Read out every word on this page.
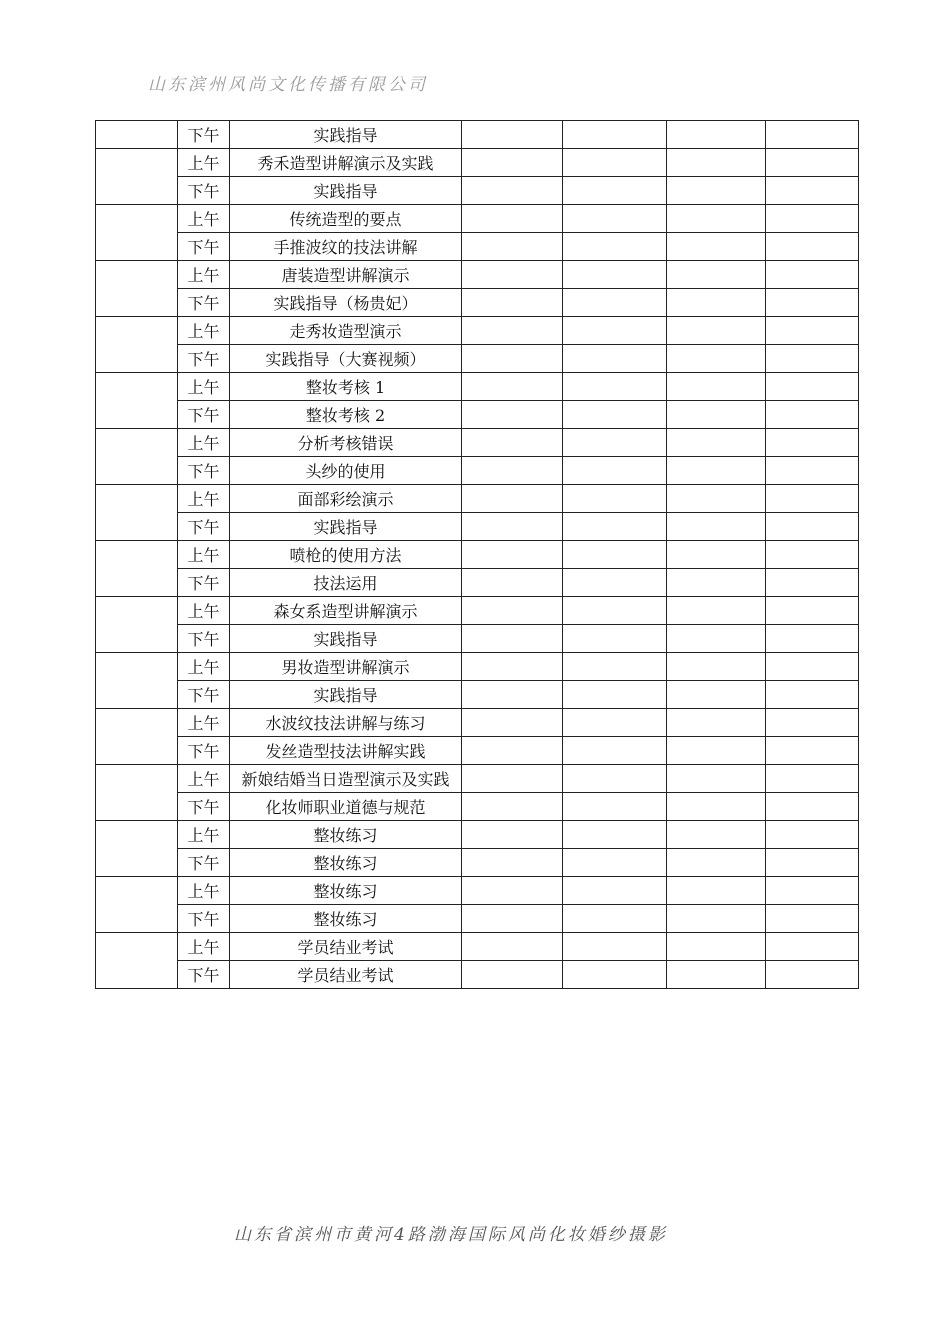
山东滨州风尚文化传播有限公司
	下午	实践指导				
	上午	秀禾造型讲解演示及实践				
	下午	实践指导				
	上午	传统造型的要点				
	下午	手推波纹的技法讲解				
	上午	唐装造型讲解演示				
	下午	实践指导（杨贵妃）				
	上午	走秀妆造型演示				
	下午	实践指导（大赛视频）				
	上午	整妆考核 1				
	下午	整妆考核 2				
	上午	分析考核错误				
	下午	头纱的使用				
	上午	面部彩绘演示				
	下午	实践指导				
	上午	喷枪的使用方法				
	下午	技法运用				
	上午	森女系造型讲解演示				
	下午	实践指导				
	上午	男妆造型讲解演示				
	下午	实践指导				
	上午	水波纹技法讲解与练习				
	下午	发丝造型技法讲解实践				
	上午	新娘结婚当日造型演示及实践				
	下午	化妆师职业道德与规范				
	上午	整妆练习				
	下午	整妆练习				
	上午	整妆练习				
	下午	整妆练习				
	上午	学员结业考试				
	下午	学员结业考试				
山东省滨州市黄河4路渤海国际风尚化妆婚纱摄影
